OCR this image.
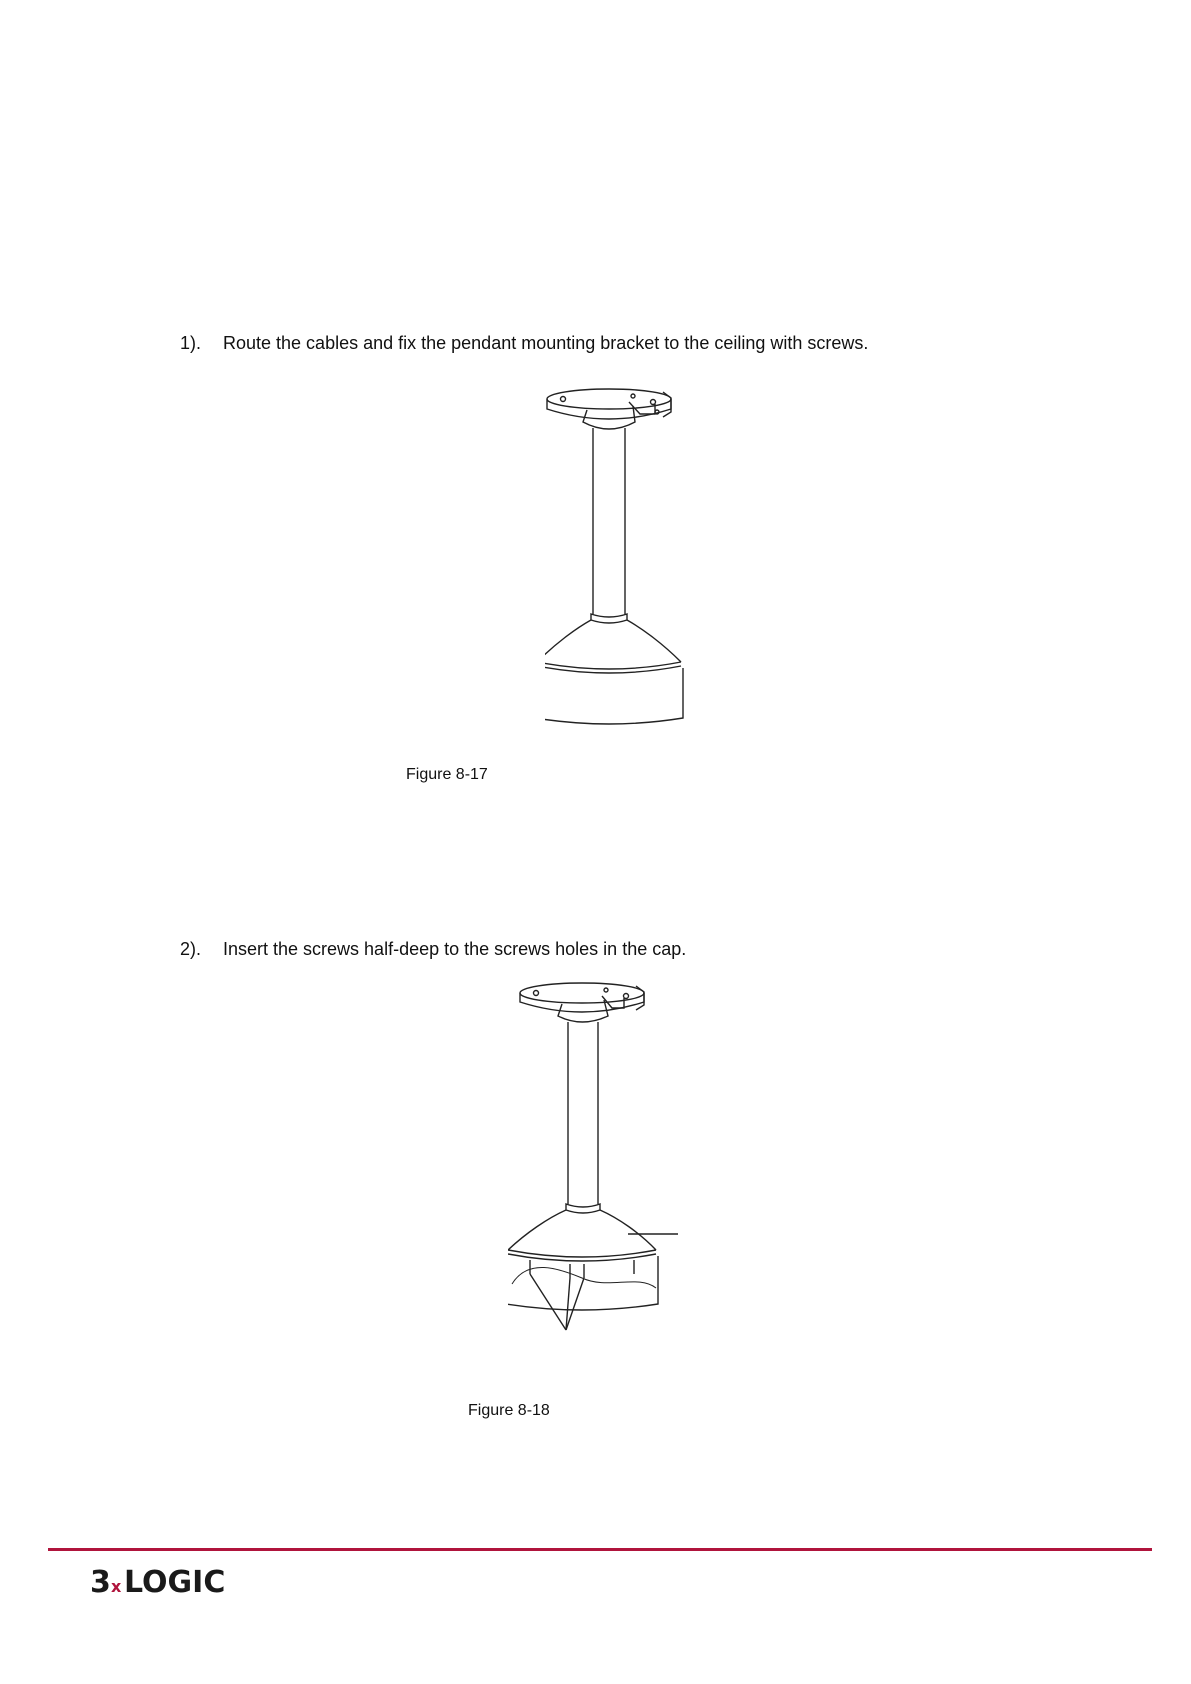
1). Route the cables and fix the pendant mounting bracket to the ceiling with screws.
Figure 8-17
2). Insert the screws half-deep to the screws holes in the cap.
Figure 8-18
3 x LOGIC
